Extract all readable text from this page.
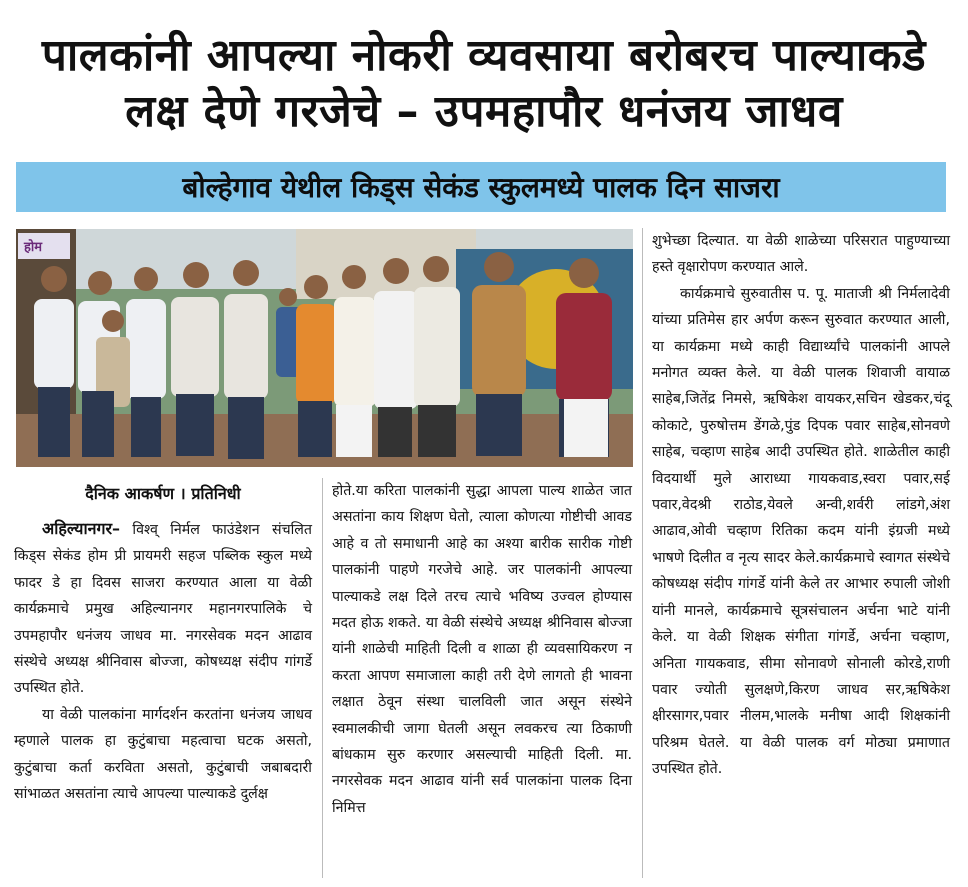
पालकांनी आपल्या नोकरी व्यवसाया बरोबरच पाल्याकडे
लक्ष देणे गरजेचे – उपमहापौर धनंजय जाधव
बोल्हेगाव येथील किड्स सेकंड स्कुलमध्ये पालक दिन साजरा
होम
दैनिक आकर्षण । प्रतिनिधी

अहिल्यानगर– विश्व् निर्मल फाउंडेशन संचलित किड्स सेकंड होम प्री प्रायमरी सहज पब्लिक स्कुल मध्ये फादर डे हा दिवस साजरा करण्यात आला या वेळी कार्यक्रमाचे प्रमुख अहिल्यानगर महानगरपालिके चे उपमहापौर धनंजय जाधव मा. नगरसेवक मदन आढाव संस्थेचे अध्यक्ष श्रीनिवास बोज्जा, कोषध्यक्ष संदीप गांगर्डे उपस्थित होते.

या वेळी पालकांना मार्गदर्शन करतांना धनंजय जाधव म्हणाले पालक हा कुटुंबाचा महत्वाचा घटक असतो, कुटुंबाचा कर्ता करविता असतो, कुटुंबाची जबाबदारी सांभाळत असतांना त्याचे आपल्या पाल्याकडे दुर्लक्ष

होते.या करिता पालकांनी सुद्धा आपला पाल्य शाळेत जात असतांना काय शिक्षण घेतो, त्याला कोणत्या गोष्टीची आवड आहे व तो समाधानी आहे का अश्या बारीक सारीक गोष्टी पालकांनी पाहणे गरजेचे आहे. जर पालकांनी आपल्या पाल्याकडे लक्ष दिले तरच त्याचे भविष्य उज्वल होण्यास मदत होऊ शकते. या वेळी संस्थेचे अध्यक्ष श्रीनिवास बोज्जा यांनी शाळेची माहिती दिली व शाळा ही व्यवसायिकरण न करता आपण समाजाला काही तरी देणे लागतो ही भावना लक्षात ठेवून संस्था चालविली जात असून संस्थेने स्वमालकीची जागा घेतली असून लवकरच त्या ठिकाणी बांधकाम सुरु करणार असल्याची माहिती दिली. मा. नगरसेवक मदन आढाव यांनी सर्व पालकांना पालक दिना निमित्त

शुभेच्छा दिल्यात. या वेळी शाळेच्या परिसरात पाहुण्याच्या हस्ते वृक्षारोपण करण्यात आले.

कार्यक्रमाचे सुरुवातीस प. पू. माताजी श्री निर्मलादेवी यांच्या प्रतिमेस हार अर्पण करून सुरुवात करण्यात आली, या कार्यक्रमा मध्ये काही विद्यार्थ्यांचे पालकांनी आपले मनोगत व्यक्त केले. या वेळी पालक शिवाजी वायाळ साहेब,जितेंद्र निमसे, ऋषिकेश वायकर,सचिन खेडकर,चंदू कोकाटे, पुरुषोत्तम डेंगळे,पुंड दिपक पवार साहेब,सोनवणे साहेब, चव्हाण साहेब आदी उपस्थित होते. शाळेतील काही विदयार्थी मुले आराध्या गायकवाड,स्वरा पवार,सई पवार,वेदश्री राठोड,येवले अन्वी,शर्वरी लांडगे,अंश आढाव,ओवी चव्हाण रितिका कदम यांनी इंग्रजी मध्ये भाषणे दिलीत व नृत्य सादर केले.कार्यक्रमाचे स्वागत संस्थेचे कोषध्यक्ष संदीप गांगर्डे यांनी केले तर आभार रुपाली जोशी यांनी मानले, कार्यक्रमाचे सूत्रसंचालन अर्चना भाटे यांनी केले. या वेळी शिक्षक संगीता गांगर्डे, अर्चना चव्हाण, अनिता गायकवाड, सीमा सोनावणे सोनाली कोरडे,राणी पवार ज्योती सुलक्षणे,किरण जाधव सर,ऋषिकेश क्षीरसागर,पवार नीलम,भालके मनीषा आदी शिक्षकांनी परिश्रम घेतले. या वेळी पालक वर्ग मोठ्या प्रमाणात उपस्थित होते.
